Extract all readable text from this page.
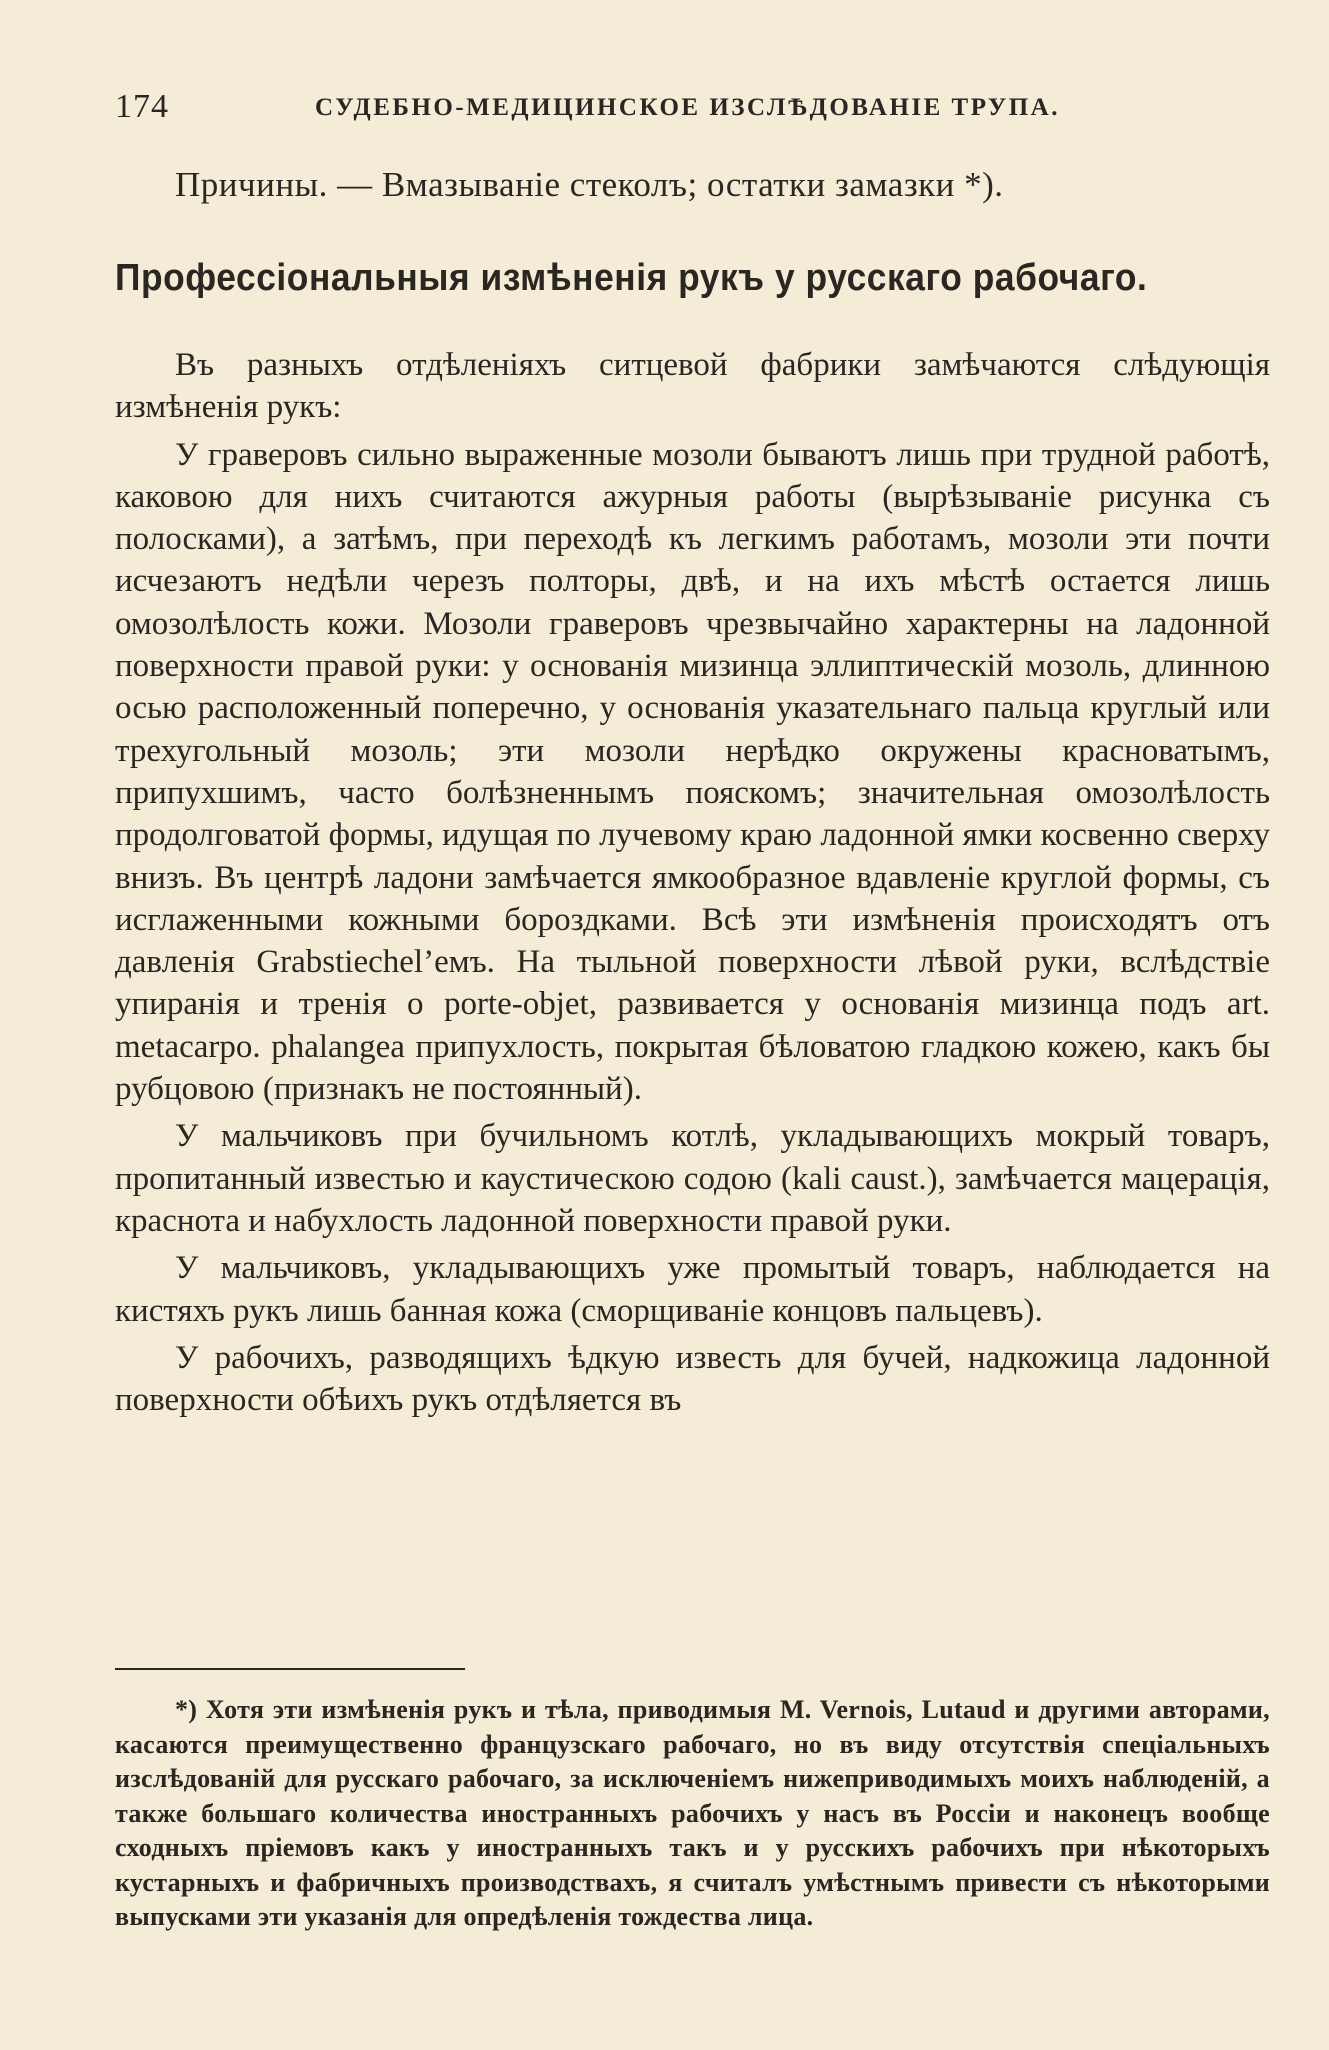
174	СУДЕБНО-МЕДИЦИНСКОЕ ИЗСЛѢДОВАНІЕ ТРУПА.
Причины. — Вмазываніе стеколъ; остатки замазки *).
Профессіональныя измѣненія рукъ у русскаго рабочаго.

Въ разныхъ отдѣленіяхъ ситцевой фабрики замѣчаются слѣдующія измѣненія рукъ:

У граверовъ сильно выраженные мозоли бываютъ лишь при трудной работѣ, каковою для нихъ считаются ажурныя работы (вырѣзываніе рисунка съ полосками), а затѣмъ, при переходѣ къ легкимъ работамъ, мозоли эти почти исчезаютъ недѣли черезъ полторы, двѣ, и на ихъ мѣстѣ остается лишь омозолѣлость кожи. Мозоли граверовъ чрезвычайно характерны на ладонной поверхности правой руки: у основанія мизинца эллиптическій мозоль, длинною осью расположенный поперечно, у основанія указательнаго пальца круглый или трехугольный мозоль; эти мозоли нерѣдко окружены красноватымъ, припухшимъ, часто болѣзненнымъ пояскомъ; значительная омозолѣлость продолговатой формы, идущая по лучевому краю ладонной ямки косвенно сверху внизъ. Въ центрѣ ладони замѣчается ямкообразное вдавленіе круглой формы, съ исглаженными кожными бороздками. Всѣ эти измѣненія происходятъ отъ давленія Grabstiechel’емъ. На тыльной поверхности лѣвой руки, вслѣдствіе упиранія и тренія о porte-objet, развивается у основанія мизинца подъ art. metacarpo. phalangea припухлость, покрытая бѣловатою гладкою кожею, какъ бы рубцовою (признакъ не постоянный).

У мальчиковъ при бучильномъ котлѣ, укладывающихъ мокрый товаръ, пропитанный известью и каустическою содою (kali caust.), замѣчается мацерація, краснота и набухлость ладонной поверхности правой руки.

У мальчиковъ, укладывающихъ уже промытый товаръ, наблюдается на кистяхъ рукъ лишь банная кожа (сморщиваніе концовъ пальцевъ).

У рабочихъ, разводящихъ ѣдкую известь для бучей, надкожица ладонной поверхности обѣихъ рукъ отдѣляется въ

*) Хотя эти измѣненія рукъ и тѣла, приводимыя M. Vernois, Lutaud и другими авторами, касаются преимущественно французскаго рабочаго, но въ виду отсутствія спеціальныхъ изслѣдованій для русскаго рабочаго, за исключеніемъ нижеприводимыхъ моихъ наблюденій, а также большаго количества иностранныхъ рабочихъ у насъ въ Россіи и наконецъ вообще сходныхъ пріемовъ какъ у иностранныхъ такъ и у русскихъ рабочихъ при нѣкоторыхъ кустарныхъ и фабричныхъ производствахъ, я считалъ умѣстнымъ привести съ нѣкоторыми выпусками эти указанія для опредѣленія тождества лица.
